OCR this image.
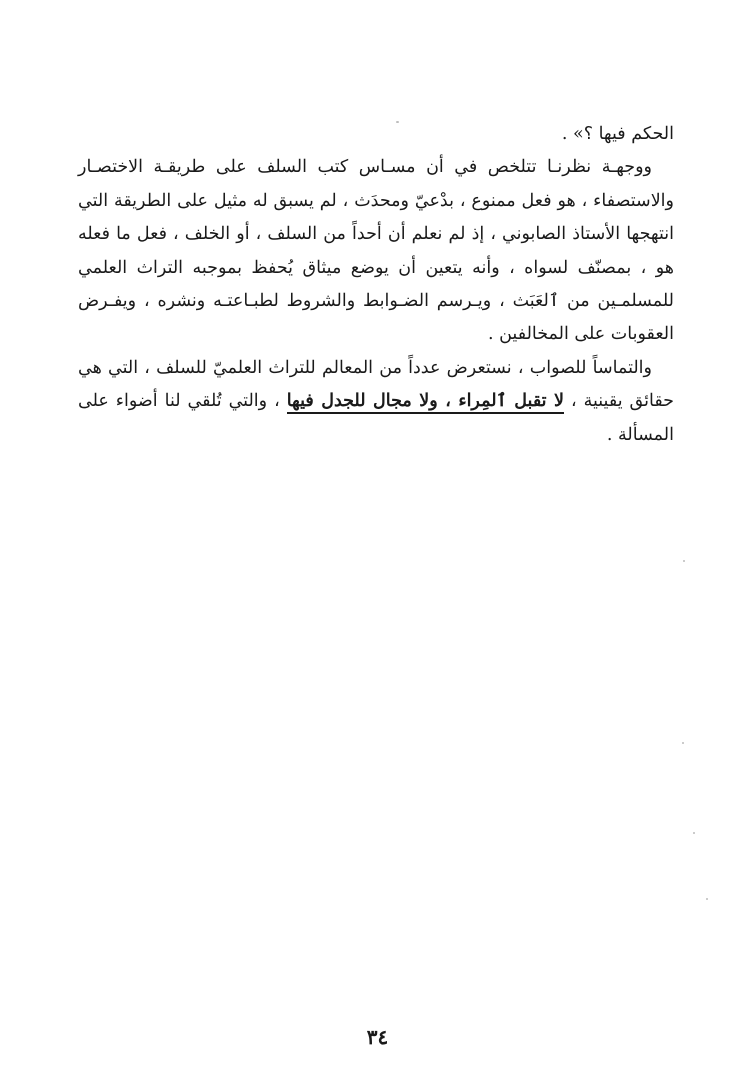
الحكم فيها ؟» .

ووجهـة نظرنـا تتلخص في أن مسـاس كتب السلف على طريقـة الاختصـار والاستصفاء ، هو فعل ممنوع ، بدْعيّ ومحدَث ، لم يسبق له مثيل على الطريقة التي انتهجها الأستاذ الصابوني ، إذ لم نعلم أن أحداً من السلف ، أو الخلف ، فعل ما فعله هو ، بمصنّف لسواه ، وأنه يتعين أن يوضع ميثاق يُحفظ بموجبه التراث العلمي للمسلمـين من ٱلعَبَث ، ويـرسم الضـوابط والشروط لطبـاعتـه ونشره ، ويفـرض العقوبات على المخالفين .

والتماساً للصواب ، نستعرض عدداً من المعالم للتراث العلميّ للسلف ، التي هي حقائق يقينية ، لا تقبل ٱلمِراء ، ولا مجال للجدل فيها ، والتي تُلقي لنا أضواء على المسألة .

٣٤
